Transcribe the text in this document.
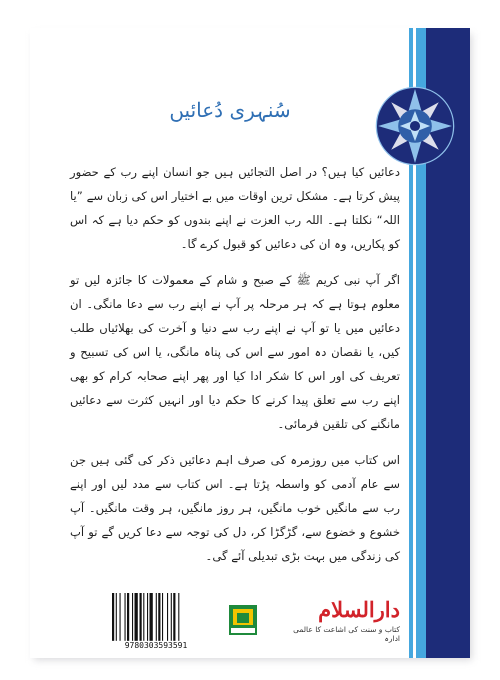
سُنہری دُعائیں

دعائیں کیا ہیں؟ در اصل التجائیں ہیں جو انسان اپنے رب کے حضور پیش کرتا ہے۔ مشکل ترین اوقات میں بے اختیار اس کی زبان سے ”یا اللہ“ نکلتا ہے۔ اللہ رب العزت نے اپنے بندوں کو حکم دیا ہے کہ اس کو پکاریں، وہ ان کی دعائیں کو قبول کرے گا۔

اگر آپ نبی کریم ﷺ کے صبح و شام کے معمولات کا جائزہ لیں تو معلوم ہوتا ہے کہ ہر مرحلہ پر آپ نے اپنے رب سے دعا مانگی۔ ان دعائیں میں یا تو آپ نے اپنے رب سے دنیا و آخرت کی بھلائیاں طلب کیں، یا نقصان دہ امور سے اس کی پناہ مانگی، یا اس کی تسبیح و تعریف کی اور اس کا شکر ادا کیا اور پھر اپنے صحابہ کرام کو بھی اپنے رب سے تعلق پیدا کرنے کا حکم دیا اور انہیں کثرت سے دعائیں مانگنے کی تلقین فرمائی۔

اس کتاب میں روزمرہ کی صرف اہم دعائیں ذکر کی گئی ہیں جن سے عام آدمی کو واسطہ پڑتا ہے۔ اس کتاب سے مدد لیں اور اپنے رب سے مانگیں خوب مانگیں، ہر روز مانگیں، ہر وقت مانگیں۔ آپ خشوع و خضوع سے، گڑگڑا کر، دل کی توجہ سے دعا کریں گے تو آپ کی زندگی میں بہت بڑی تبدیلی آئے گی۔

9780303593591
دارالسلام
کتاب و سنت کی اشاعت کا عالمی ادارہ
